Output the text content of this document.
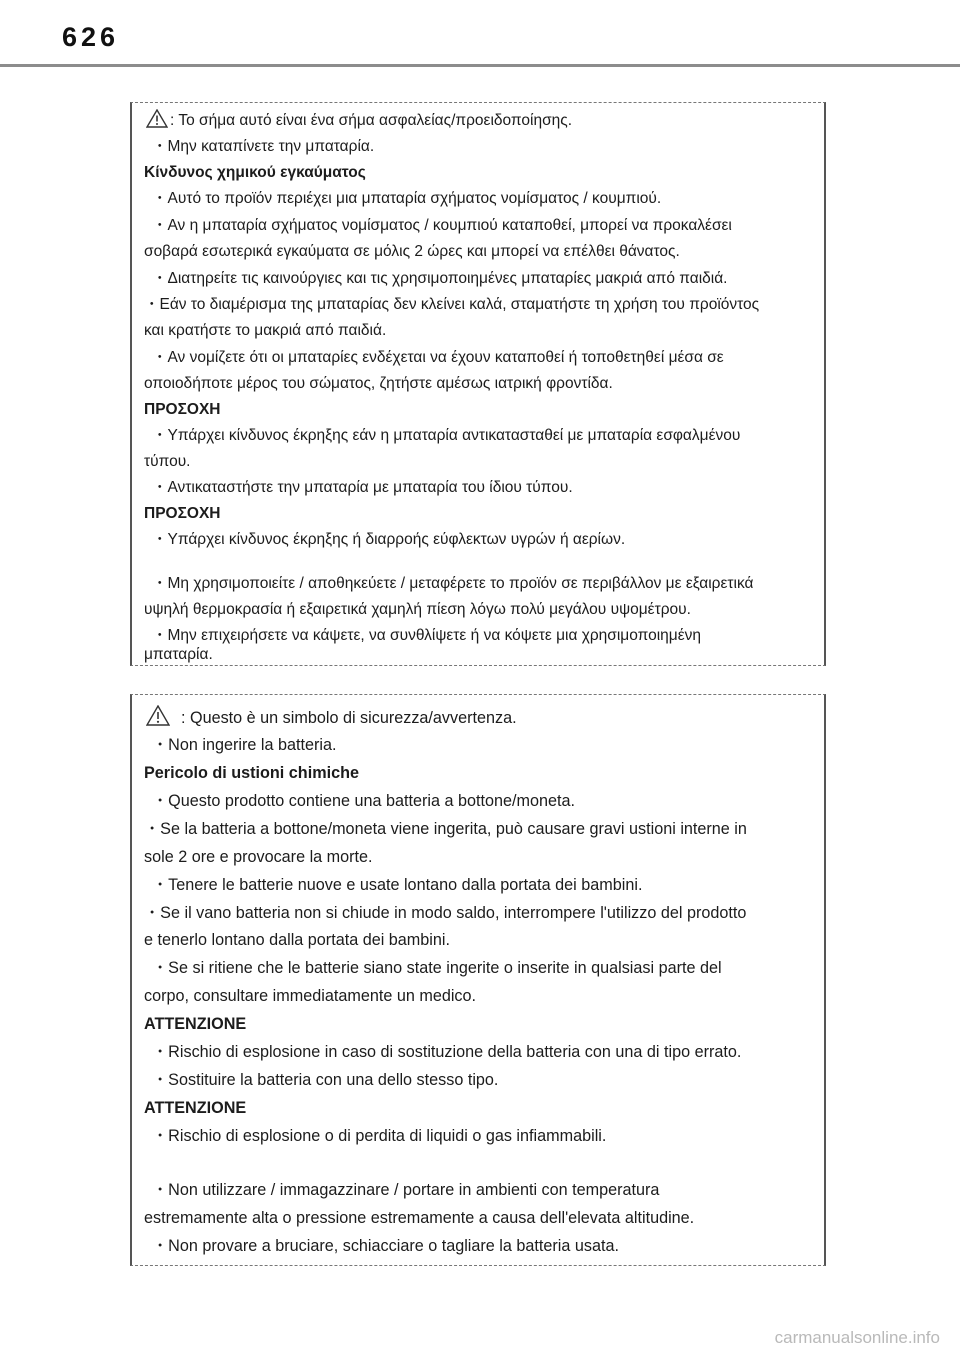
626
: Το σήμα αυτό είναι ένα σήμα ασφαλείας/προειδοποίησης.
・Μην καταπίνετε την μπαταρία.
Κίνδυνος χημικού εγκαύματος
・Αυτό το προϊόν περιέχει μια μπαταρία σχήματος νομίσματος / κουμπιού.
・Αν η μπαταρία σχήματος νομίσματος / κουμπιού καταποθεί, μπορεί να προκαλέσει
σοβαρά εσωτερικά εγκαύματα σε μόλις 2 ώρες και μπορεί να επέλθει θάνατος.
・Διατηρείτε τις καινούργιες και τις χρησιμοποιημένες μπαταρίες μακριά από παιδιά.
・Εάν το διαμέρισμα της μπαταρίας δεν κλείνει καλά, σταματήστε τη χρήση του προϊόντος
και κρατήστε το μακριά από παιδιά.
・Αν νομίζετε ότι οι μπαταρίες ενδέχεται να έχουν καταποθεί ή τοποθετηθεί μέσα σε
οποιοδήποτε μέρος του σώματος, ζητήστε αμέσως ιατρική φροντίδα.
ΠΡΟΣΟΧΗ
・Υπάρχει κίνδυνος έκρηξης εάν η μπαταρία αντικατασταθεί με μπαταρία εσφαλμένου
τύπου.
・Αντικαταστήστε την μπαταρία με μπαταρία του ίδιου τύπου.
ΠΡΟΣΟΧΗ
・Υπάρχει κίνδυνος έκρηξης ή διαρροής εύφλεκτων υγρών ή αερίων.
・Μη χρησιμοποιείτε / αποθηκεύετε / μεταφέρετε το προϊόν σε περιβάλλον με εξαιρετικά
υψηλή θερμοκρασία ή εξαιρετικά χαμηλή πίεση λόγω πολύ μεγάλου υψομέτρου.
・Μην επιχειρήσετε να κάψετε, να συνθλίψετε ή να κόψετε μια χρησιμοποιημένη
μπαταρία.
: Questo è un simbolo di sicurezza/avvertenza.
・Non ingerire la batteria.
Pericolo di ustioni chimiche
・Questo prodotto contiene una batteria a bottone/moneta.
・Se la batteria a bottone/moneta viene ingerita, può causare gravi ustioni interne in
sole 2 ore e provocare la morte.
・Tenere le batterie nuove e usate lontano dalla portata dei bambini.
・Se il vano batteria non si chiude in modo saldo, interrompere l'utilizzo del prodotto
e tenerlo lontano dalla portata dei bambini.
・Se si ritiene che le batterie siano state ingerite o inserite in qualsiasi parte del
corpo, consultare immediatamente un medico.
ATTENZIONE
・Rischio di esplosione in caso di sostituzione della batteria con una di tipo errato.
・Sostituire la batteria con una dello stesso tipo.
ATTENZIONE
・Rischio di esplosione o di perdita di liquidi o gas infiammabili.
・Non utilizzare / immagazzinare / portare in ambienti con temperatura
estremamente alta o pressione estremamente a causa dell'elevata altitudine.
・Non provare a bruciare, schiacciare o tagliare la batteria usata.
carmanualsonline.info
